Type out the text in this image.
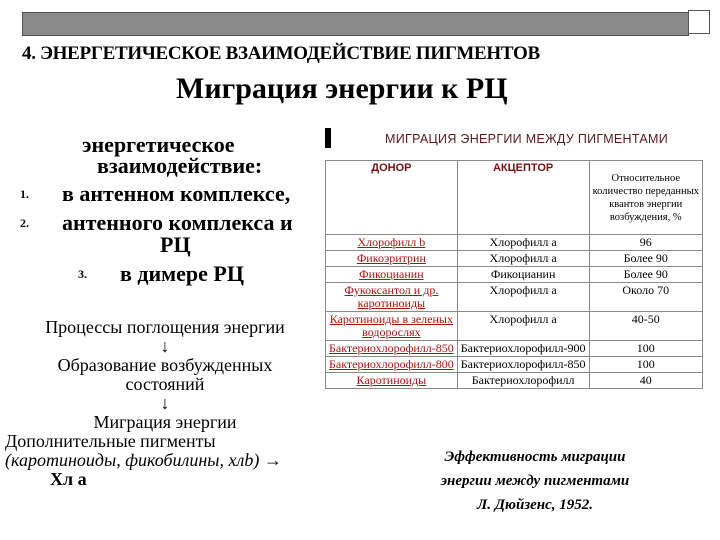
4. ЭНЕРГЕТИЧЕСКОЕ ВЗАИМОДЕЙСТВИЕ ПИГМЕНТОВ
Миграция энергии к РЦ
энергетическое
взаимодействие:
1. в антенном комплексе,
2. антенного комплекса и
РЦ
3. в димере РЦ
Процессы поглощения энергии
↓
Образование возбужденных
состояний
↓
Миграция энергии
Дополнительные пигменты
(каротиноиды, фикобилины, хлb) →
Хл а
МИГРАЦИЯ ЭНЕРГИИ МЕЖДУ ПИГМЕНТАМИ
ДОНОР	АКЦЕПТОР	Относительное количество переданных квантов энергии возбуждения, %
Хлорофилл b	Хлорофилл а	96
Фикоэритрин	Хлорофилл а	Более 90
Фикоцианин	Фикоцианин	Более 90
Фукоксантол и др. каротиноиды	Хлорофилл а	Около 70
Каротиноиды в зеленых водорослях	Хлорофилл а	40-50
Бактериохлорофилл-850	Бактериохлорофилл-900	100
Бактериохлорофилл-800	Бактериохлорофилл-850	100
Каротиноиды	Бактериохлорофилл	40
Эффективность миграции
энергии между пигментами
Л. Дюйзенс, 1952.
